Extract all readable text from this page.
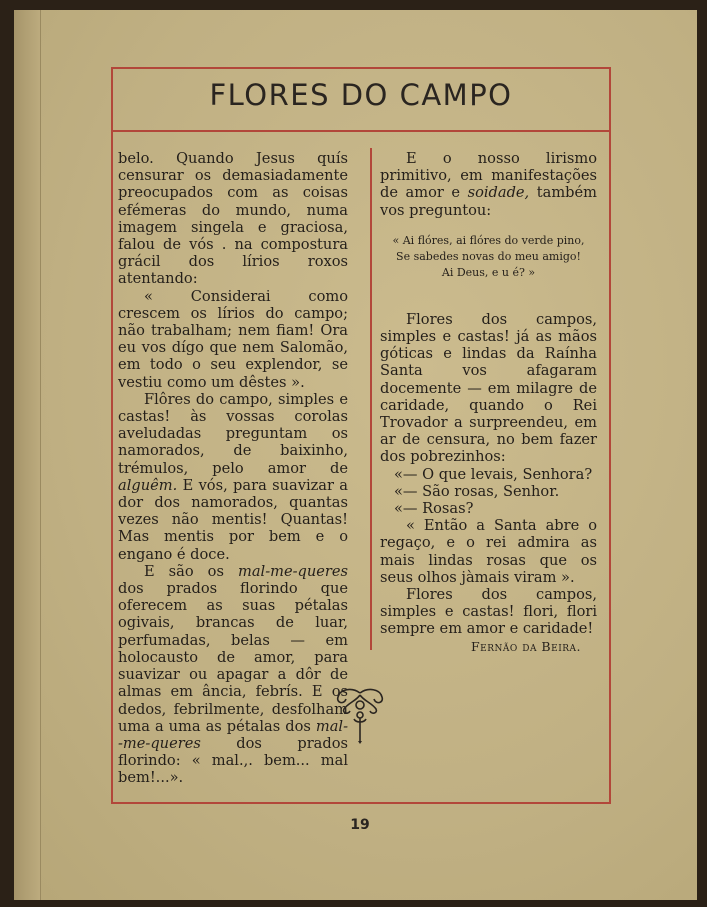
FLORES DO CAMPO

belo. Quando Jesus quís censurar os demasiadamente preocupados com as coisas efémeras do mundo, numa imagem singela e graciosa, falou de vós . na compostura grácil dos lírios roxos atentando:

« Considerai como crescem os lírios do campo; não trabalham; nem fiam! Ora eu vos dígo que nem Salomão, em todo o seu explendor, se vestiu como um dêstes ».

Flôres do campo, simples e castas! às vossas corolas aveludadas preguntam os namorados, de baixinho, trémulos, pelo amor de alguêm. E vós, para suavizar a dor dos namorados, quantas vezes não mentis! Quantas! Mas mentis por bem e o engano é doce.

E são os mal-me-queres dos prados florindo que oferecem as suas pétalas ogivais, brancas de luar, perfumadas, belas — em holocausto de amor, para suavizar ou apagar a dôr de almas em ância, febrís. E os dedos, febrilmente, desfolham uma a uma as pétalas dos mal--me-queres dos prados florindo: « mal.,. bem... mal bem!...».

E o nosso lirismo primitivo, em manifestações de amor e soidade, também vos preguntou:

« Ai flóres, ai flóres do verde pino,
Se sabedes novas do meu amigo!
Ai Deus, e u é? »

Flores dos campos, simples e castas! já as mãos góticas e lindas da Raínha Santa vos afagaram docemente — em milagre de caridade, quando o Rei Trovador a surpreendeu, em ar de censura, no bem fazer dos pobrezinhos:

«— O que levais, Senhora?

«— São rosas, Senhor.

«— Rosas?

« Então a Santa abre o regaço, e o rei admira as mais lindas rosas que os seus olhos jàmais viram ».

Flores dos campos, simples e castas! flori, flori sempre em amor e caridade!

Fernão da Beira.

19
